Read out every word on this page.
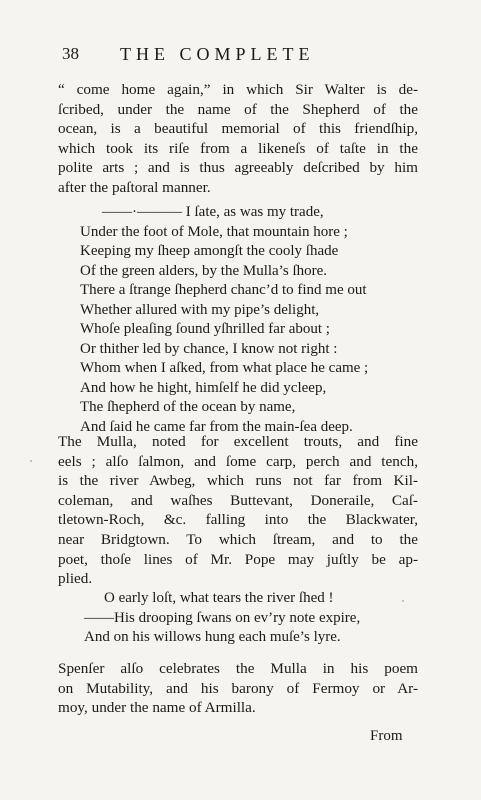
38 THE COMPLETE
“ come home again,” in which Sir Walter is de-
ſcribed, under the name of the Shepherd of the
ocean, is a beautiful memorial of this friendſhip,
which took its riſe from a likeneſs of taſte in the
polite arts ; and is thus agreeably deſcribed by him
after the paſtoral manner.
——·——— I ſate, as was my trade,
Under the foot of Mole, that mountain hore ;
Keeping my ſheep amongſt the cooly ſhade
Of the green alders, by the Mulla’s ſhore.
There a ſtrange ſhepherd chanc’d to find me out
Whether allured with my pipe’s delight,
Whoſe pleaſing ſound yſhrilled far about ;
Or thither led by chance, I know not right :
Whom when I aſked, from what place he came ;
And how he hight, himſelf he did ycleep,
The ſhepherd of the ocean by name,
And ſaid he came far from the main-ſea deep.
The Mulla, noted for excellent trouts, and fine
eels ; alſo ſalmon, and ſome carp, perch and tench,
is the river Awbeg, which runs not far from Kil-
coleman, and waſhes Buttevant, Doneraile, Caſ-
tletown-Roch, &c. falling into the Blackwater,
near Bridgtown. To which ſtream, and to the
poet, thoſe lines of Mr. Pope may juſtly be ap-
plied.
O early loſt, what tears the river ſhed !
——His drooping ſwans on ev’ry note expire,
And on his willows hung each muſe’s lyre.
Spenſer alſo celebrates the Mulla in his poem
on Mutability, and his barony of Fermoy or Ar-
moy, under the name of Armilla.
From
